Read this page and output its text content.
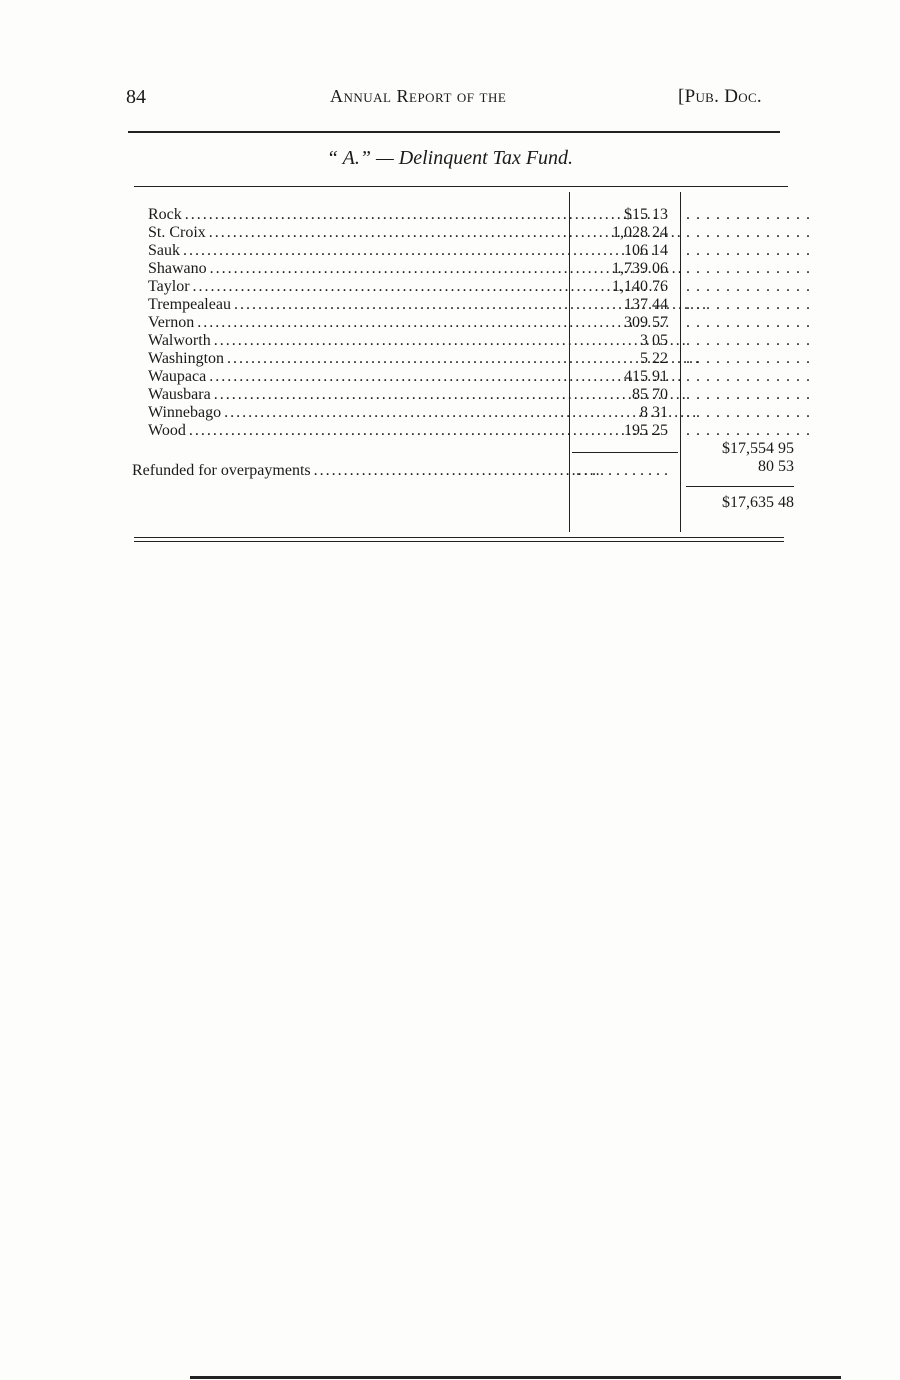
84	Annual Report of the	[Pub. Doc.
“ A.” — Delinquent Tax Fund.
Rock . . .	$15 13 . . . . . . . . . . . . .
St. Croix . . .	1,028 24 . . . . . . . . . . . . .
Sauk . . .	106 14 . . . . . . . . . . . . .
Shawano . . .	1,739 06 . . . . . . . . . . . . .
Taylor . . .	1,140 76 . . . . . . . . . . . . .
Trempealeau . . .	137 44 . . . . . . . . . . . . .
Vernon . . .	309 57 . . . . . . . . . . . . .
Walworth . . .	3 05 . . . . . . . . . . . . .
Washington . . .	5 22 . . . . . . . . . . . . .
Waupaca . . .	415 91 . . . . . . . . . . . . .
Wausbara . . .	85 70 . . . . . . . . . . . . .
Winnebago . . .	8 31 . . . . . . . . . . . . .
Wood . . .	195 25 . . . . . . . . . . . . .
$17,554 95
Refunded for overpayments . . .	. . . . . . . . . . . .	80 53
$17,635 48
